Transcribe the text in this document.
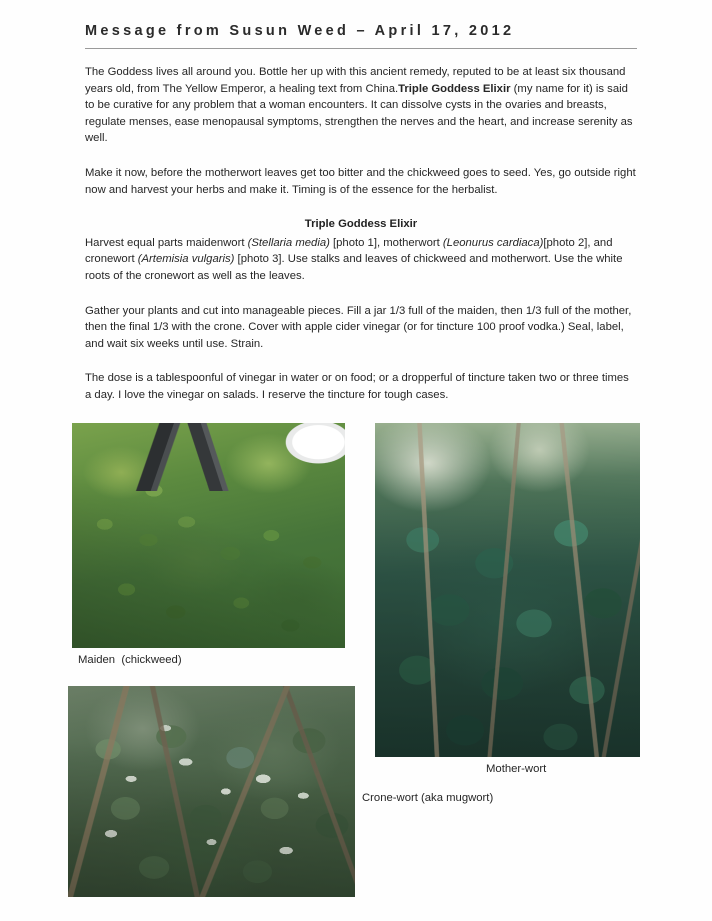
Message from Susun Weed – April 17, 2012

The Goddess lives all around you. Bottle her up with this ancient remedy, reputed to be at least six thousand years old, from The Yellow Emperor, a healing text from China.Triple Goddess Elixir (my name for it) is said to be curative for any problem that a woman encounters. It can dissolve cysts in the ovaries and breasts, regulate menses, ease menopausal symptoms, strengthen the nerves and the heart, and increase serenity as well.

Make it now, before the motherwort leaves get too bitter and the chickweed goes to seed. Yes, go outside right now and harvest your herbs and make it. Timing is of the essence for the herbalist.

Triple Goddess Elixir

Harvest equal parts maidenwort (Stellaria media) [photo 1], motherwort (Leonurus cardiaca)[photo 2], and cronewort (Artemisia vulgaris) [photo 3]. Use stalks and leaves of chickweed and motherwort. Use the white roots of the cronewort as well as the leaves.

Gather your plants and cut into manageable pieces. Fill a jar 1/3 full of the maiden, then 1/3 full of the mother, then the final 1/3 with the crone. Cover with apple cider vinegar (or for tincture 100 proof vodka.) Seal, label, and wait six weeks until use. Strain.

The dose is a tablespoonful of vinegar in water or on food; or a dropperful of tincture taken two or three times a day. I love the vinegar on salads. I reserve the tincture for tough cases.

Maiden  (chickweed)
Mother-wort
Crone-wort (aka mugwort)
